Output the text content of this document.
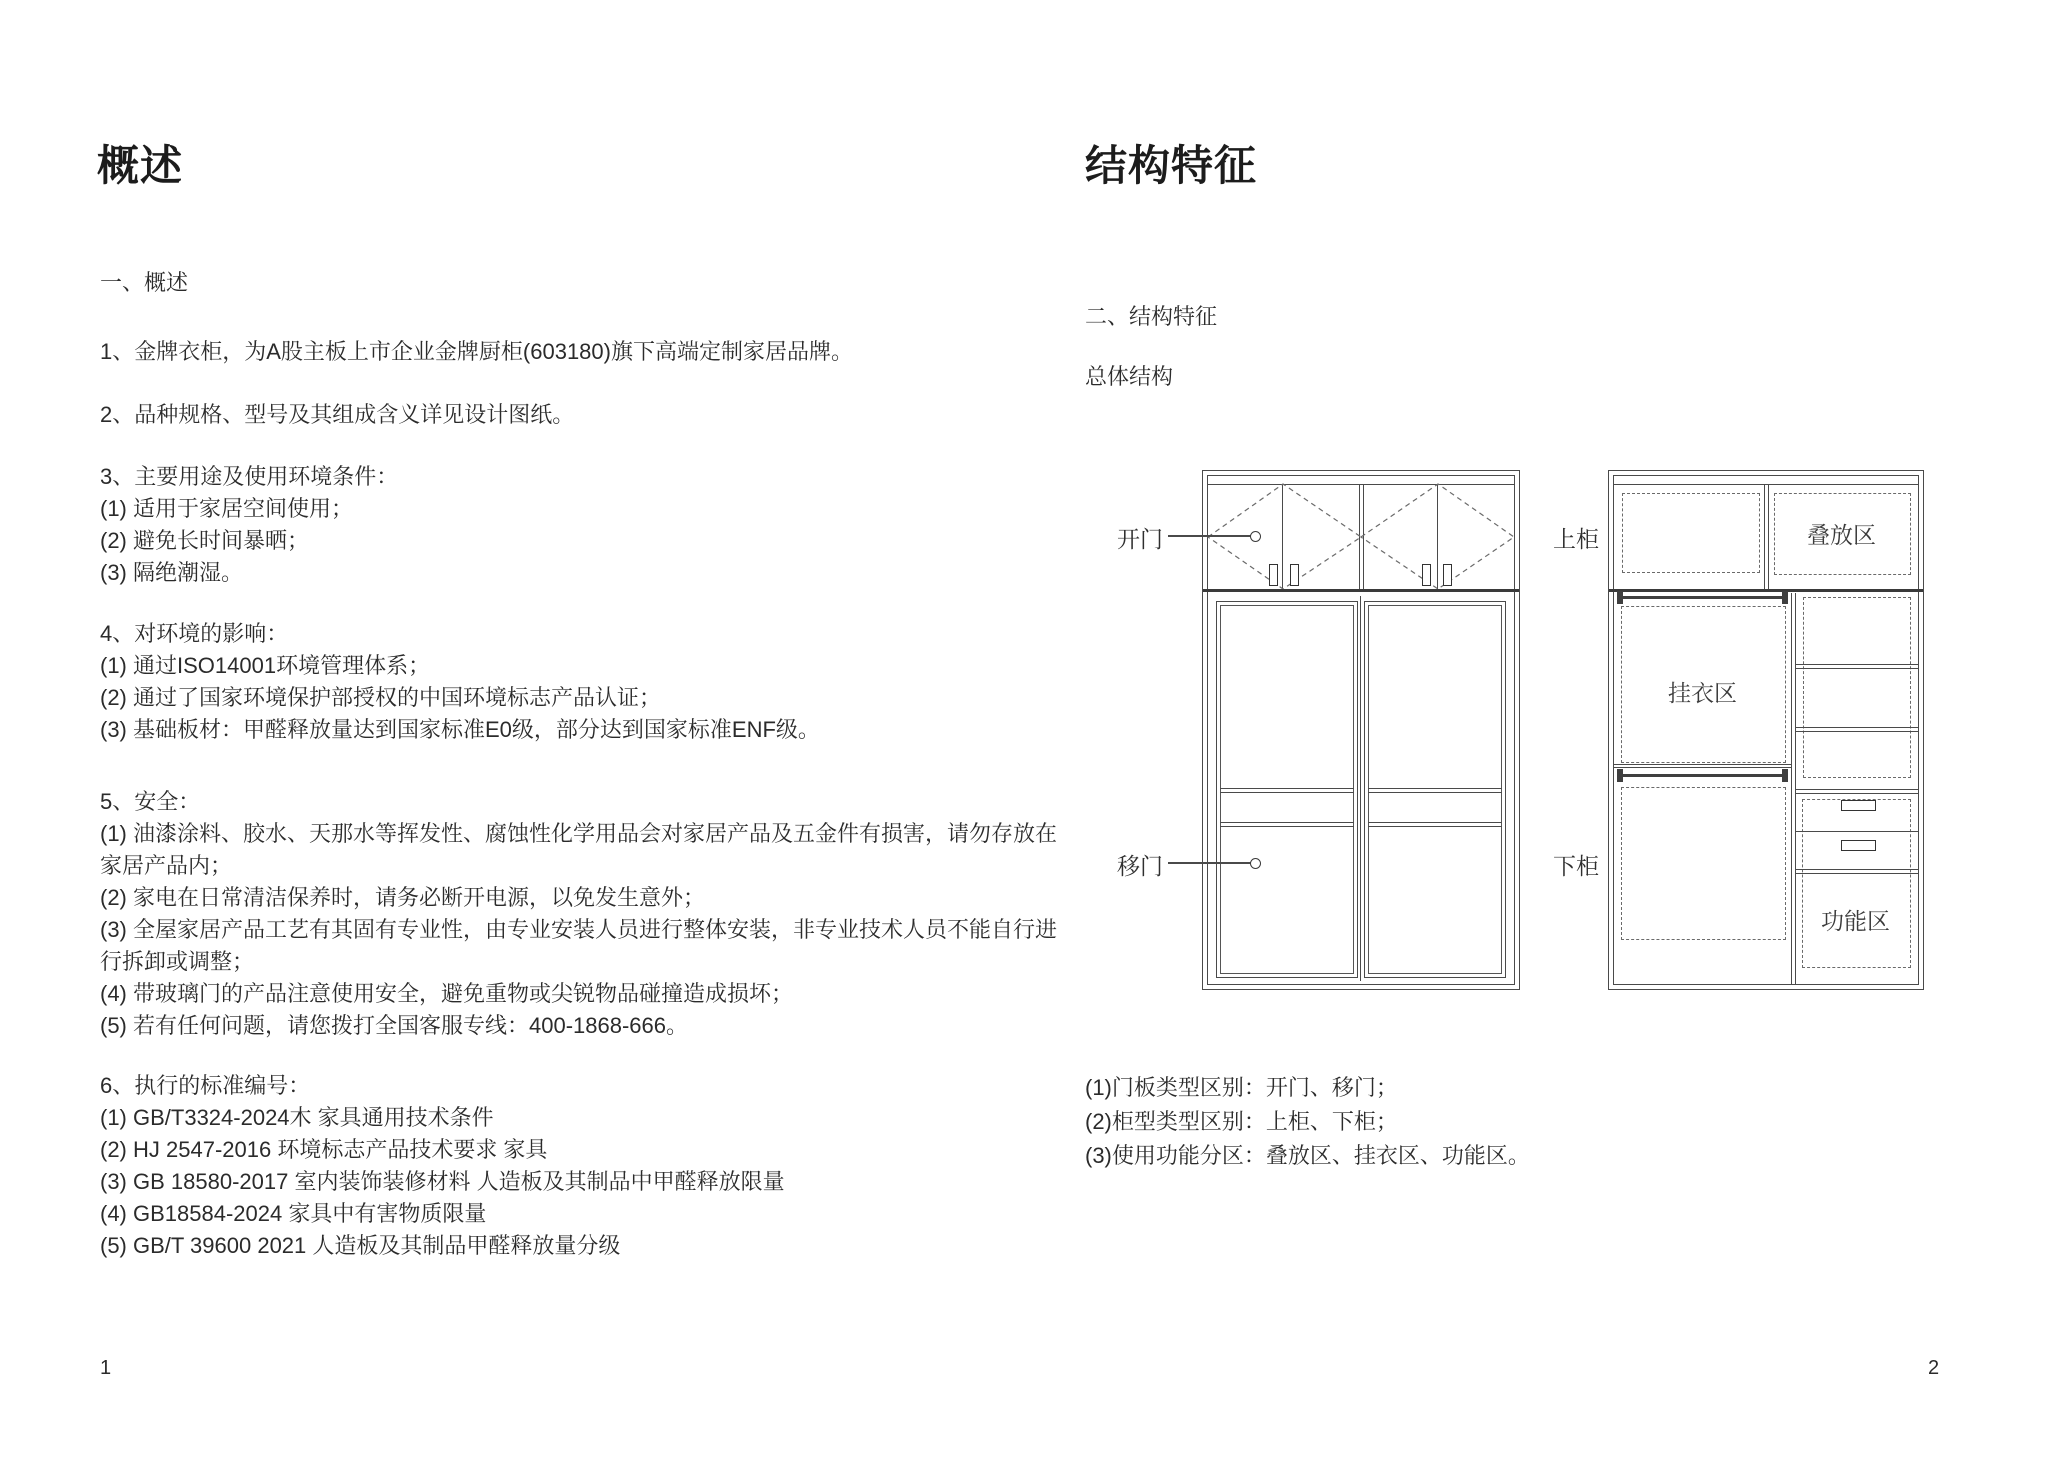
概述
一、概述
1、金牌衣柜，为A股主板上市企业金牌厨柜(603180)旗下高端定制家居品牌。
2、品种规格、型号及其组成含义详见设计图纸。
3、主要用途及使用环境条件：
(1) 适用于家居空间使用；
(2) 避免长时间暴晒；
(3) 隔绝潮湿。
4、对环境的影响：
(1) 通过ISO14001环境管理体系；
(2) 通过了国家环境保护部授权的中国环境标志产品认证；
(3) 基础板材：甲醛释放量达到国家标准E0级，部分达到国家标准ENF级。
5、安全：
(1) 油漆涂料、胶水、天那水等挥发性、腐蚀性化学用品会对家居产品及五金件有损害，请勿存放在
家居产品内；
(2) 家电在日常清洁保养时，请务必断开电源，以免发生意外；
(3) 全屋家居产品工艺有其固有专业性，由专业安装人员进行整体安装，非专业技术人员不能自行进
行拆卸或调整；
(4) 带玻璃门的产品注意使用安全，避免重物或尖锐物品碰撞造成损坏；
(5) 若有任何问题，请您拨打全国客服专线：400-1868-666。
6、执行的标准编号：
(1) GB/T3324-2024木 家具通用技术条件
(2) HJ 2547-2016 环境标志产品技术要求 家具
(3) GB 18580-2017 室内装饰装修材料 人造板及其制品中甲醛释放限量
(4) GB18584-2024 家具中有害物质限量
(5) GB/T 39600 2021 人造板及其制品甲醛释放量分级
1
结构特征
二、结构特征
总体结构
开门
移门
上柜
下柜
叠放区
挂衣区
功能区
(1)门板类型区别：开门、移门；
(2)柜型类型区别：上柜、下柜；
(3)使用功能分区：叠放区、挂衣区、功能区。
2
